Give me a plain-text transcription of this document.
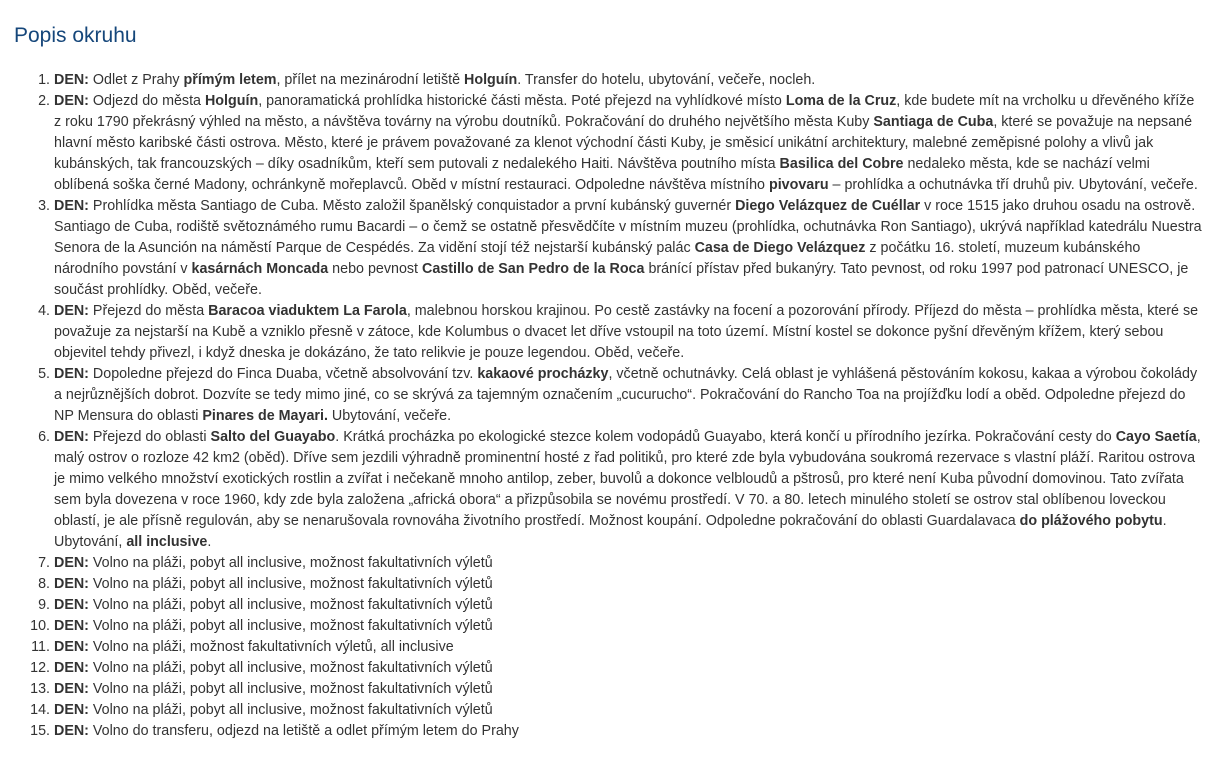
Popis okruhu
1. DEN: Odlet z Prahy přímým letem, přílet na mezinárodní letiště Holguín. Transfer do hotelu, ubytování, večeře, nocleh.
2. DEN: Odjezd do města Holguín, panoramatická prohlídka historické části města. Poté přejezd na vyhlídkové místo Loma de la Cruz, kde budete mít na vrcholku u dřevěného kříže z roku 1790 překrásný výhled na město, a návštěva továrny na výrobu doutníků. Pokračování do druhého největšího města Kuby Santiaga de Cuba, které se považuje na nepsané hlavní město karibské části ostrova. Město, které je právem považované za klenot východní části Kuby, je směsicí unikátní architektury, malebné zeměpisné polohy a vlivů jak kubánských, tak francouzských – díky osadníkům, kteří sem putovali z nedalekého Haiti. Návštěva poutního místa Basilica del Cobre nedaleko města, kde se nachází velmi oblíbená soška černé Madony, ochránkyně mořeplavců. Oběd v místní restauraci. Odpoledne návštěva místního pivovaru – prohlídka a ochutnávka tří druhů piv. Ubytování, večeře.
3. DEN: Prohlídka města Santiago de Cuba. Město založil španělský conquistador a první kubánský guvernér Diego Velázquez de Cuéllar v roce 1515 jako druhou osadu na ostrově. Santiago de Cuba, rodiště světoznámého rumu Bacardi – o čemž se ostatně přesvědčíte v místním muzeu (prohlídka, ochutnávka Ron Santiago), ukrývá například katedrálu Nuestra Senora de la Asunción na náměstí Parque de Cespédés. Za vidění stojí též nejstarší kubánský palác Casa de Diego Velázquez z počátku 16. století, muzeum kubánského národního povstání v kasárnách Moncada nebo pevnost Castillo de San Pedro de la Roca bránící přístav před bukanýry. Tato pevnost, od roku 1997 pod patronací UNESCO, je součást prohlídky. Oběd, večeře.
4. DEN: Přejezd do města Baracoa viaduktem La Farola, malebnou horskou krajinou. Po cestě zastávky na focení a pozorování přírody. Příjezd do města – prohlídka města, které se považuje za nejstarší na Kubě a vzniklo přesně v zátoce, kde Kolumbus o dvacet let dříve vstoupil na toto území. Místní kostel se dokonce pyšní dřevěným křížem, který sebou objevitel tehdy přivezl, i když dneska je dokázáno, že tato relikvie je pouze legendou. Oběd, večeře.
5. DEN: Dopoledne přejezd do Finca Duaba, včetně absolvování tzv. kakaové procházky, včetně ochutnávky. Celá oblast je vyhlášená pěstováním kokosu, kakaa a výrobou čokolády a nejrůznějších dobrot. Dozvíte se tedy mimo jiné, co se skrývá za tajemným označením „cucurucho“. Pokračování do Rancho Toa na projížďku lodí a oběd. Odpoledne přejezd do NP Mensura do oblasti Pinares de Mayari. Ubytování, večeře.
6. DEN: Přejezd do oblasti Salto del Guayabo. Krátká procházka po ekologické stezce kolem vodopádů Guayabo, která končí u přírodního jezírka. Pokračování cesty do Cayo Saetía, malý ostrov o rozloze 42 km2 (oběd). Dříve sem jezdili výhradně prominentní hosté z řad politiků, pro které zde byla vybudována soukromá rezervace s vlastní pláží. Raritou ostrova je mimo velkého množství exotických rostlin a zvířat i nečekaně mnoho antilop, zeber, buvolů a dokonce velbloudů a pštrosů, pro které není Kuba původní domovinou. Tato zvířata sem byla dovezena v roce 1960, kdy zde byla založena „africká obora“ a přizpůsobila se novému prostředí. V 70. a 80. letech minulého století se ostrov stal oblíbenou loveckou oblastí, je ale přísně regulován, aby se nenarušovala rovnováha životního prostředí. Možnost koupání. Odpoledne pokračování do oblasti Guardalavaca do plážového pobytu. Ubytování, all inclusive.
7. DEN: Volno na pláži, pobyt all inclusive, možnost fakultativních výletů
8. DEN: Volno na pláži, pobyt all inclusive, možnost fakultativních výletů
9. DEN: Volno na pláži, pobyt all inclusive, možnost fakultativních výletů
10. DEN: Volno na pláži, pobyt all inclusive, možnost fakultativních výletů
11. DEN: Volno na pláži, možnost fakultativních výletů, all inclusive
12. DEN: Volno na pláži, pobyt all inclusive, možnost fakultativních výletů
13. DEN: Volno na pláži, pobyt all inclusive, možnost fakultativních výletů
14. DEN: Volno na pláži, pobyt all inclusive, možnost fakultativních výletů
15. DEN: Volno do transferu, odjezd na letiště a odlet přímým letem do Prahy
